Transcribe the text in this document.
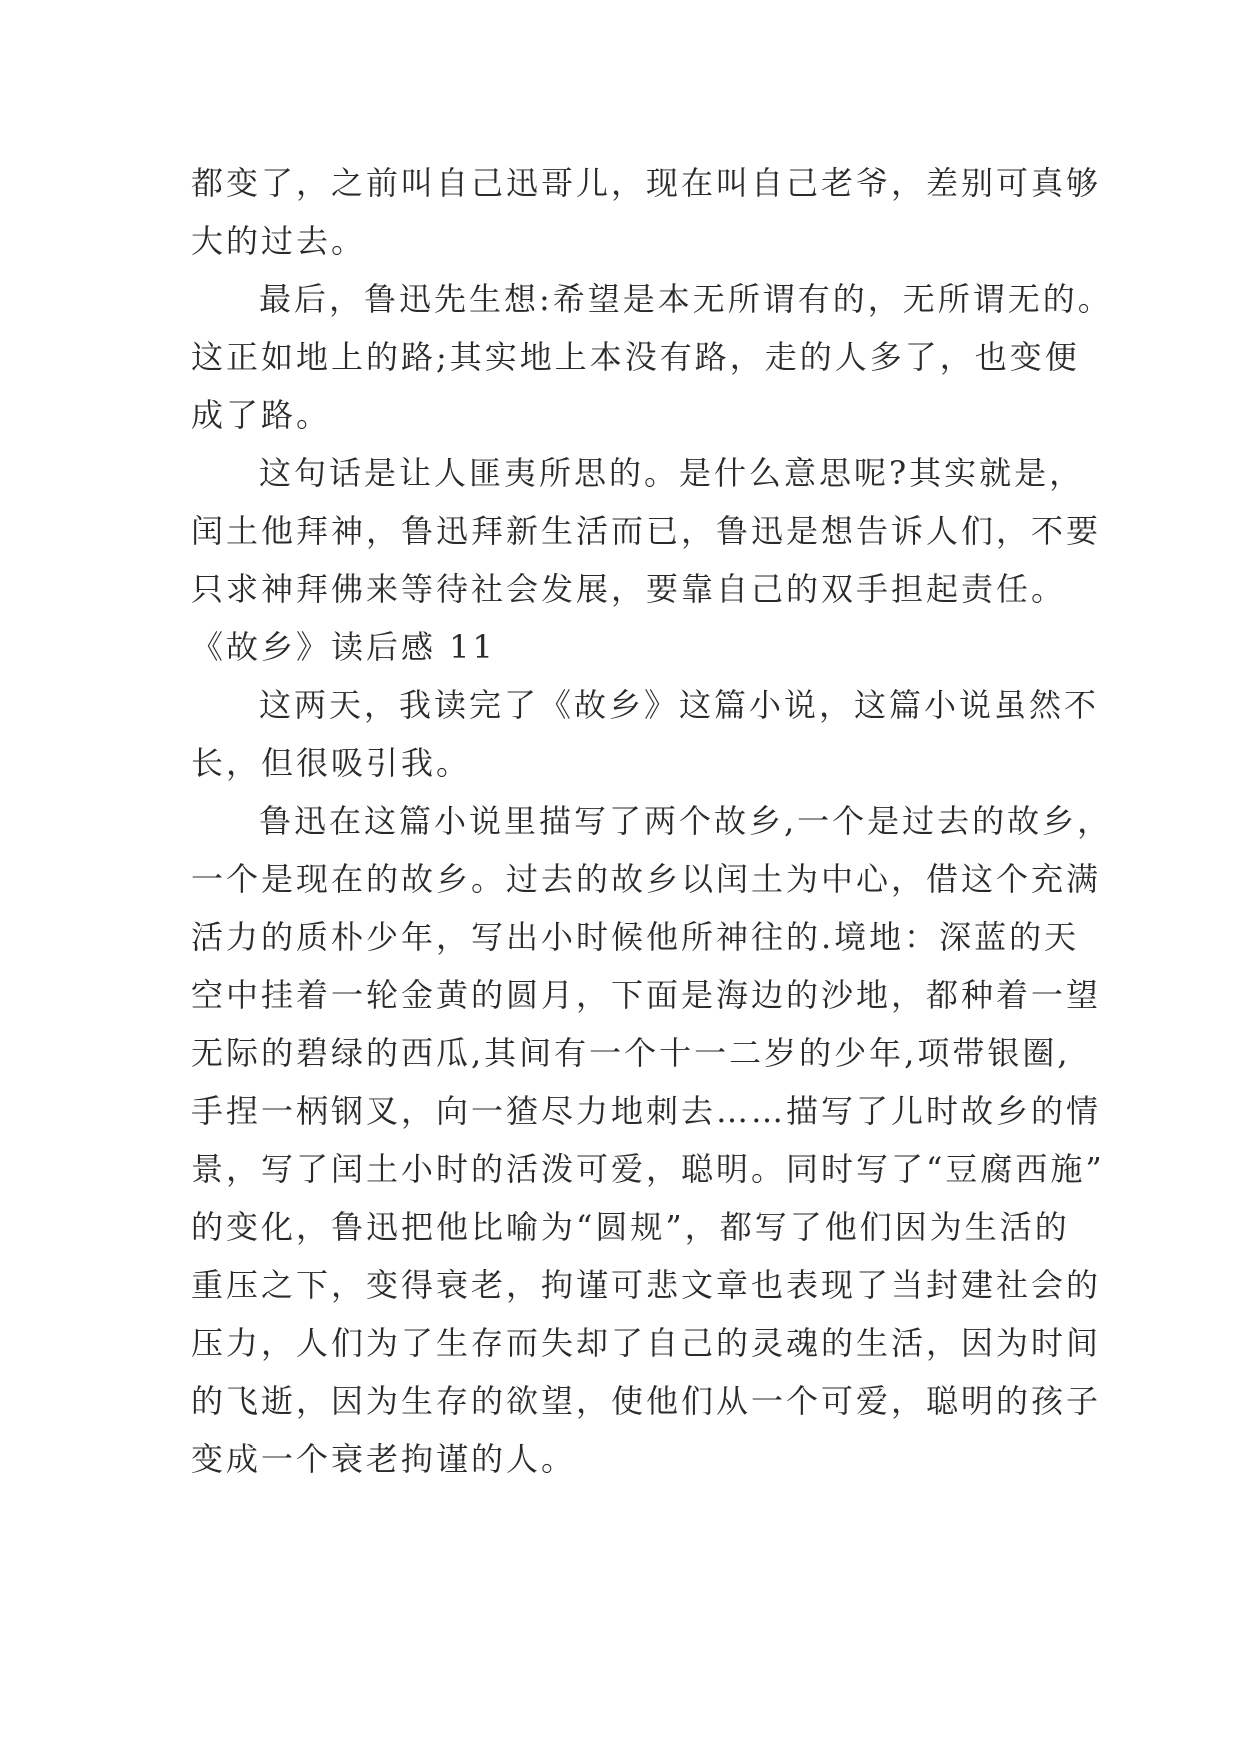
都变了，之前叫自己迅哥儿，现在叫自己老爷，差别可真够
大的过去。
最后，鲁迅先生想:希望是本无所谓有的，无所谓无的。
这正如地上的路;其实地上本没有路，走的人多了，也变便
成了路。
这句话是让人匪夷所思的。是什么意思呢?其实就是，
闰土他拜神，鲁迅拜新生活而已，鲁迅是想告诉人们，不要
只求神拜佛来等待社会发展，要靠自己的双手担起责任。
《故乡》读后感 11
这两天，我读完了《故乡》这篇小说，这篇小说虽然不
长，但很吸引我。
鲁迅在这篇小说里描写了两个故乡,一个是过去的故乡，
一个是现在的故乡。过去的故乡以闰土为中心，借这个充满
活力的质朴少年，写出小时候他所神往的.境地：深蓝的天
空中挂着一轮金黄的圆月，下面是海边的沙地，都种着一望
无际的碧绿的西瓜,其间有一个十一二岁的少年,项带银圈,
手捏一柄钢叉，向一猹尽力地刺去……描写了儿时故乡的情
景，写了闰土小时的活泼可爱，聪明。同时写了“豆腐西施”
的变化，鲁迅把他比喻为“圆规”，都写了他们因为生活的
重压之下，变得衰老，拘谨可悲文章也表现了当封建社会的
压力，人们为了生存而失却了自己的灵魂的生活，因为时间
的飞逝，因为生存的欲望，使他们从一个可爱，聪明的孩子
变成一个衰老拘谨的人。
